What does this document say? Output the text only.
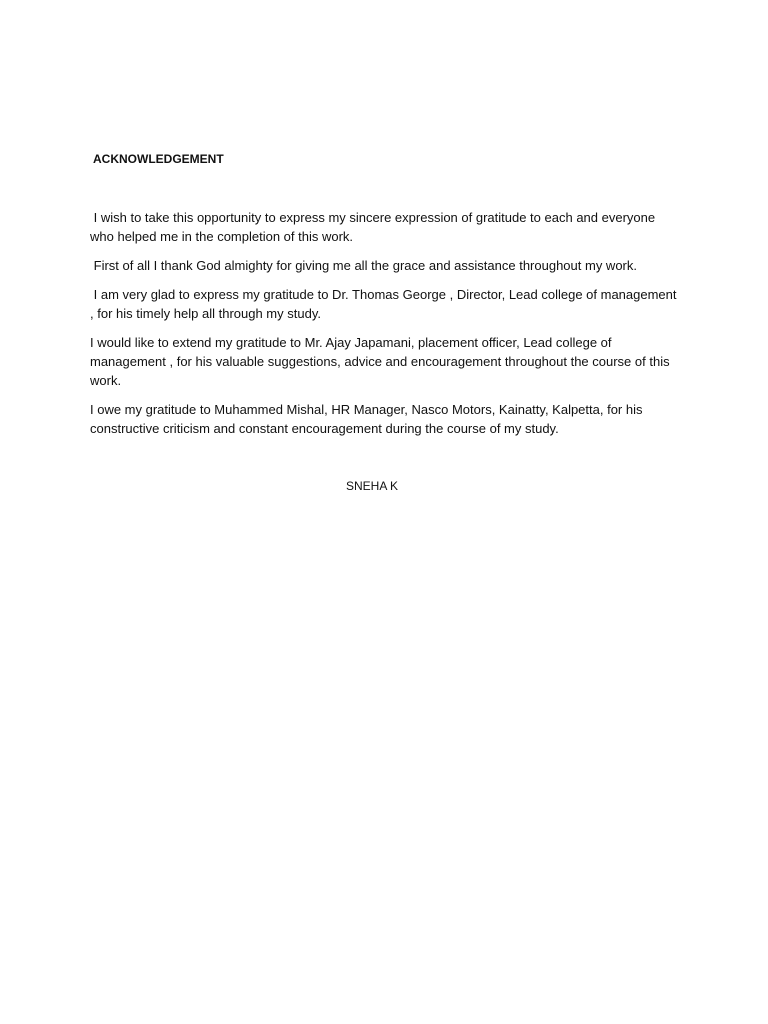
ACKNOWLEDGEMENT

I wish to take this opportunity to express my sincere expression of gratitude to each and everyone who helped me in the completion of this work.

First of all I thank God almighty for giving me all the grace and assistance throughout my work.

I am very glad to express my gratitude to Dr. Thomas George , Director, Lead college of management , for his timely help all through my study.

I would like to extend my gratitude to Mr. Ajay Japamani, placement officer, Lead college of management , for his valuable suggestions, advice and encouragement throughout the course of this work.

I owe my gratitude to Muhammed Mishal, HR Manager, Nasco Motors, Kainatty, Kalpetta, for his constructive criticism and constant encouragement during the course of my study.

SNEHA K
